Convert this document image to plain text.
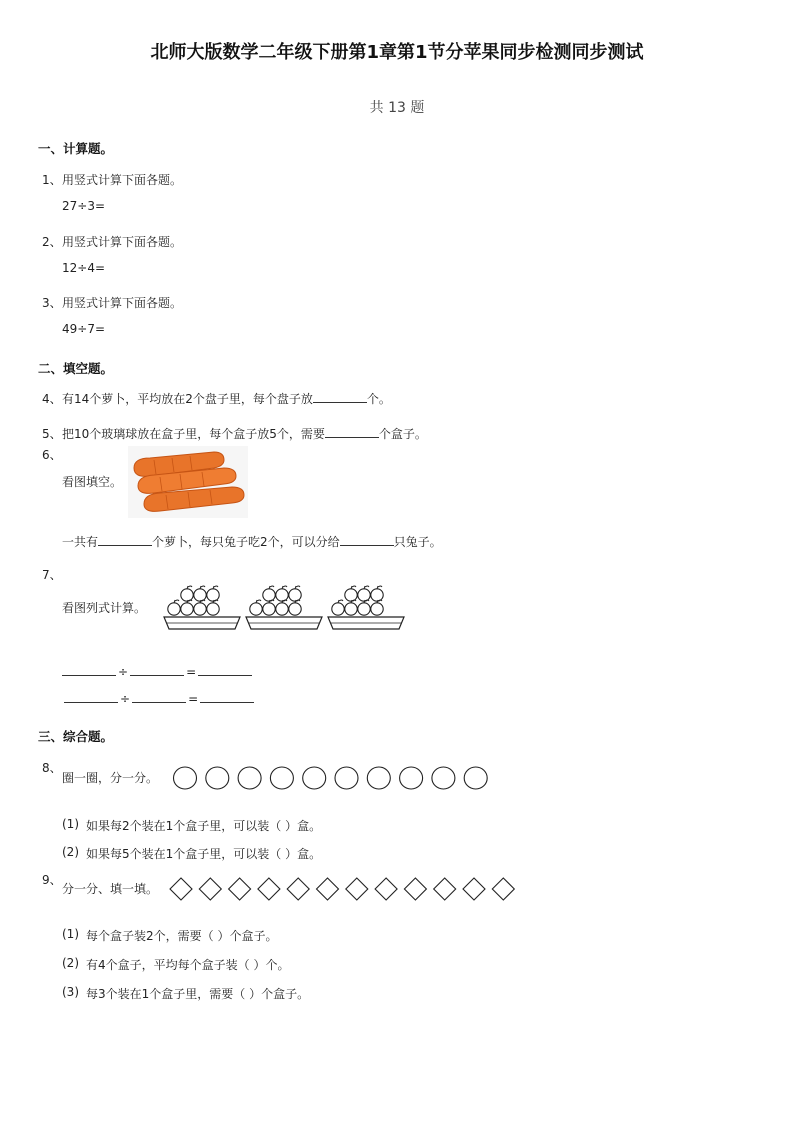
北师大版数学二年级下册第1章第1节分苹果同步检测同步测试
共 13 题
一、计算题。
1、 用竖式计算下面各题。
27÷3=
2、 用竖式计算下面各题。
12÷4=
3、 用竖式计算下面各题。
49÷7=
二、填空题。
4、 有14个萝卜，平均放在2个盘子里，每个盘子放	个。
5、 把10个玻璃球放在盒子里，每个盒子放5个，需要	个盒子。
6、
看图填空。
一共有	个萝卜，每只兔子吃2个，可以分给	只兔子。
7、
看图列式计算。
÷	=
÷	=
三、综合题。
8、
圈一圈，分一分。
(1) 如果每2个装在1个盒子里，可以装（ ）盒。
(2) 如果每5个装在1个盒子里，可以装（ ）盒。
9、
分一分、填一填。
(1) 每个盒子装2个，需要（ ）个盒子。
(2) 有4个盒子，平均每个盒子装（ ）个。
(3) 每3个装在1个盒子里，需要（ ）个盒子。
